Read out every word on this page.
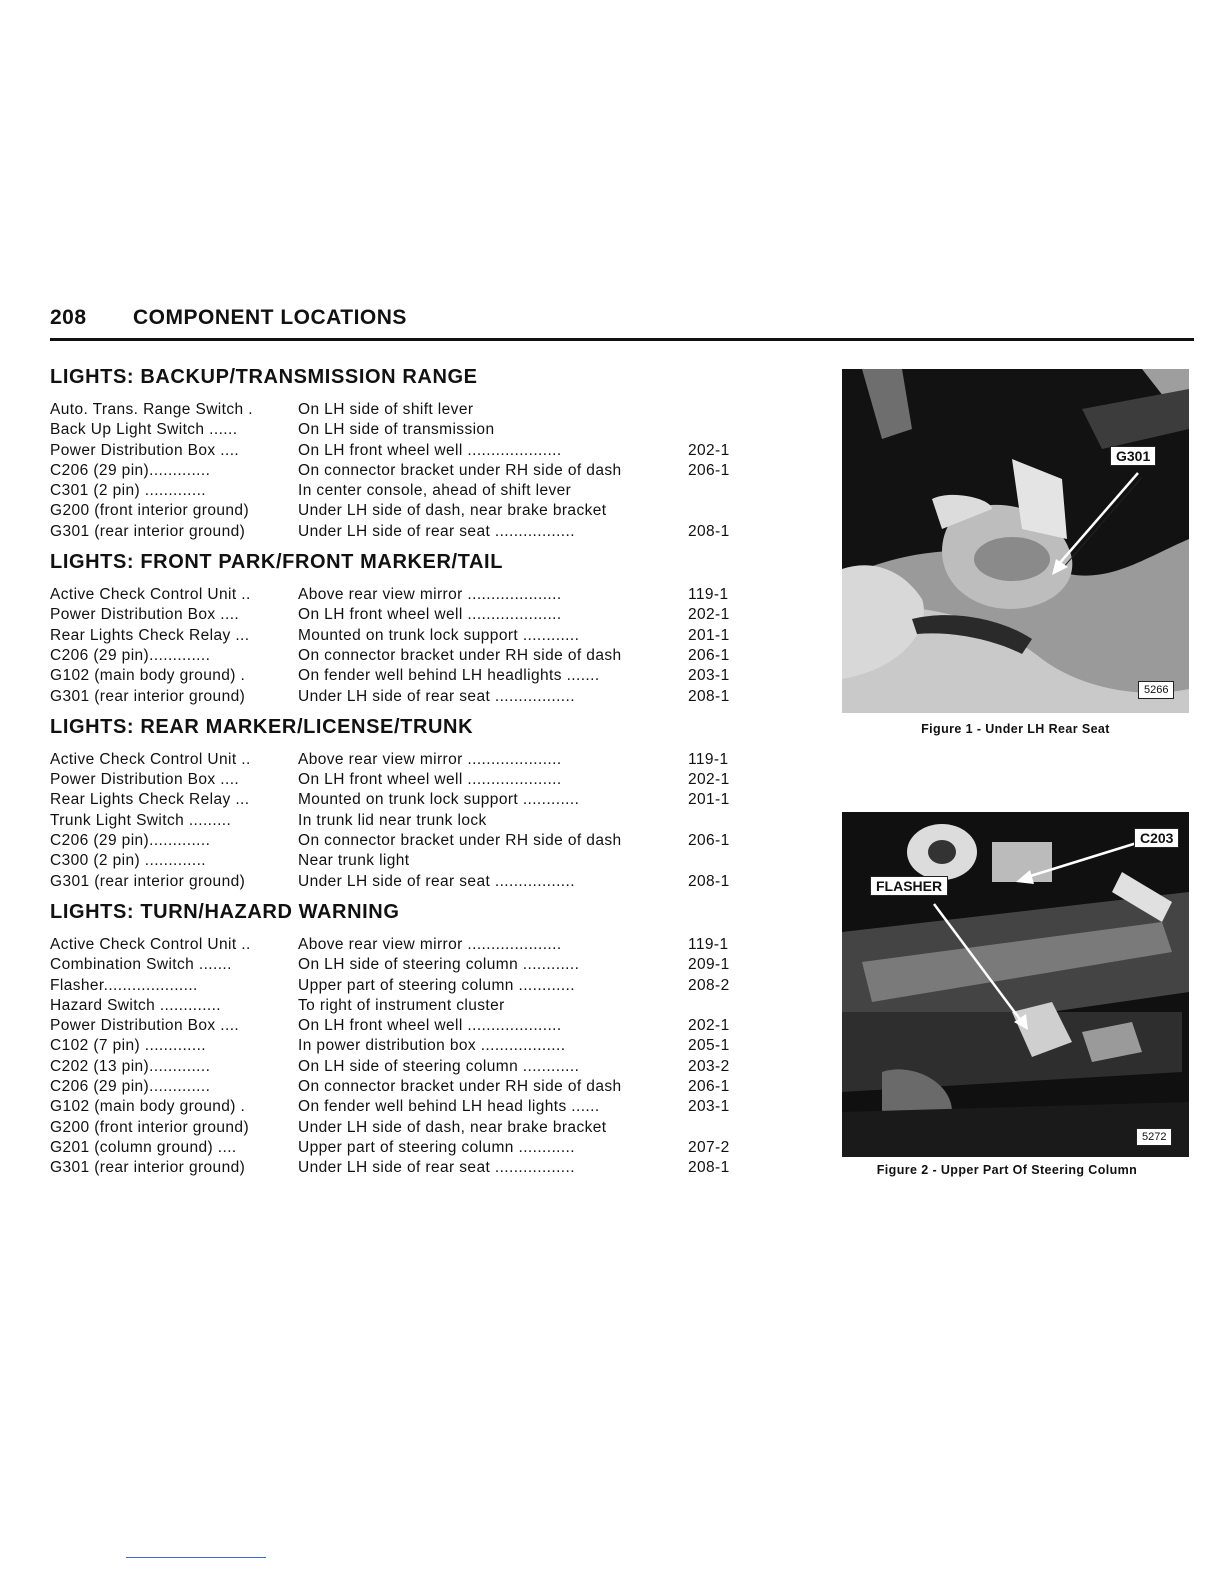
208 COMPONENT LOCATIONS
LIGHTS: BACKUP/TRANSMISSION RANGE
Auto. Trans. Range Switch .	On LH side of shift lever
Back Up Light Switch ......	On LH side of transmission
Power Distribution Box ....	On LH front wheel well ....................	202-1
C206 (29 pin).............	On connector bracket under RH side of dash	206-1
C301 (2 pin) .............	In center console, ahead of shift lever
G200 (front interior ground)	Under LH side of dash, near brake bracket
G301 (rear interior ground)	Under LH side of rear seat .................	208-1
LIGHTS: FRONT PARK/FRONT MARKER/TAIL
Active Check Control Unit ..	Above rear view mirror ....................	119-1
Power Distribution Box ....	On LH front wheel well ....................	202-1
Rear Lights Check Relay ...	Mounted on trunk lock support ............	201-1
C206 (29 pin).............	On connector bracket under RH side of dash	206-1
G102 (main body ground) .	On fender well behind LH headlights .......	203-1
G301 (rear interior ground)	Under LH side of rear seat .................	208-1
LIGHTS: REAR MARKER/LICENSE/TRUNK
Active Check Control Unit ..	Above rear view mirror ....................	119-1
Power Distribution Box ....	On LH front wheel well ....................	202-1
Rear Lights Check Relay ...	Mounted on trunk lock support ............	201-1
Trunk Light Switch .........	In trunk lid near trunk lock
C206 (29 pin).............	On connector bracket under RH side of dash	206-1
C300 (2 pin) .............	Near trunk light
G301 (rear interior ground)	Under LH side of rear seat .................	208-1
LIGHTS: TURN/HAZARD WARNING
Active Check Control Unit ..	Above rear view mirror ....................	119-1
Combination Switch .......	On LH side of steering column ............	209-1
Flasher....................	Upper part of steering column ............	208-2
Hazard Switch .............	To right of instrument cluster
Power Distribution Box ....	On LH front wheel well ....................	202-1
C102 (7 pin) .............	In power distribution box ..................	205-1
C202 (13 pin).............	On LH side of steering column ............	203-2
C206 (29 pin).............	On connector bracket under RH side of dash	206-1
G102 (main body ground) .	On fender well behind LH head lights ......	203-1
G200 (front interior ground)	Under LH side of dash, near brake bracket
G201 (column ground) ....	Upper part of steering column ............	207-2
G301 (rear interior ground)	Under LH side of rear seat .................	208-1
G301
5266
Figure 1 - Under LH Rear Seat
C203
FLASHER
5272
Figure 2 - Upper Part Of Steering Column
